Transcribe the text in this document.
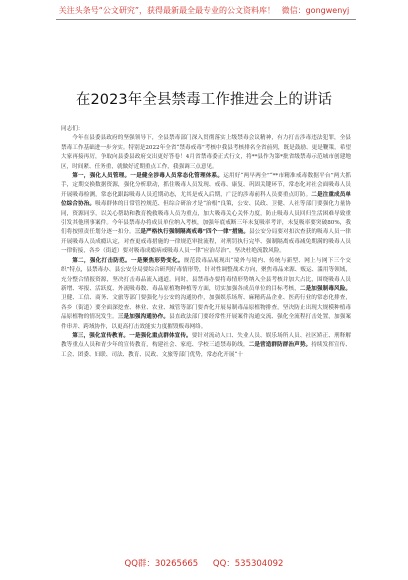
关注头条号“公文研究”，获得最新最全最专业的公文资料库！ 微信：gongwenyj
在2023年全县禁毒工作推进会上的讲话

同志们：

今年在县委县政府的坚强领导下，全县禁毒部门深入贯彻落实上级禁毒会议精神，有力打击涉毒违法犯罪，全县禁毒工作基础进一步夯实。特别是2022年全省“禁毒戒毒”考核中我县考核排名全省前列，既是鼓励、更是鞭策，希望大家再接再厉，争取向县委县政府交出更好答卷！4月省禁毒委正式行文，将**县作为第*批省级禁毒示范城市创建地区，时间紧、任务重，就做好近期重点工作，我强调三点意见。

第一，强化人员管理。一是健全涉毒人员常态化管理体系。运用好“两早两全”“**市精准戒毒数据平台”两大抓手，定期交换数据资源，强化分析联动，抓住吸毒人员发现、戒毒、康复、巩固关键环节，常态化对社会面吸毒人员开展吸毒检测，常态化跟踪吸毒人员近期动态，尤其是戒入后期，广泛的涉毒前科人员要重点盯防。二是注重成员单位综合协治。吸毒群体的日常管控规范、但综合研治才是“治根”良策，公安、民政、卫健、人社等部门要强化力量协同，资源同享，以关心帮助和教育挽救吸毒人员为重点，加大吸毒关心关怀力度，防止吸毒人员回归生活困难导致重引发其他刑事案件。今年县禁毒办将成员单位纳入考核，加强年底戒断三年未复吸率考评，未复吸率要突破80%，我们将按照责任划分逐一扣分。三是严格执行强制隔离戒毒“四个一律”措施。县公安分局要对扣次查获的吸毒人员一律开展吸毒人员成瘾认定，对查更戒毒措施的一律规范审批流程，对刑罚执行完毕、强制隔离戒毒减免期满的吸毒人员一律衔接，各乡（街道）要对吸毒成瘾病戒吸毒人员一律“应治尽治”，坚决杜绝流散风险。

第二，强化打击防范。一是聚焦形势变化。规范段毒品展现出“境外与境内、传统与新型、网上与网下三个交织”特点，县禁毒办、县公安分局要综合研判好毒情形势，针对性调整战术方向，聚焦毒品来源、贩运、滥用等领域，充分整合情报资源，坚决打击毒品流入通道。同时，县禁毒办要将毒情形势纳入全县考核并加大占比，围绕吸毒人员新增、零报、活跃度、外流吸毒数、毒品原植物种植等方面，切实加强各成员单位的目标考核，二是加强制毒风险。卫健、工信、商务、文旅等部门要强化与公安的沟通协作，加强娱乐场所、麻精药品企业、医药行业的常态化排查，各乡（街道）要全面深挖查、林业、农业、城管等部门要杏化开展易制毒品原植物排查，坚决防止出现大规模种植毒品原植物的情况发生。三是加强沟通协作。县直政法部门要经常性开展案件沟通交流、强化全流程打击处置，加强案件串并、跨域协作，以更高打击效能实力度摧毁贩毒网络。

第三，强化宣传教育。一是强化重点群体宣传。要针对流动人口、失业人员、娱乐场所人员、社区矫正、刑释解教等重点人员和青少年的宣传教育，构建社会、家庭、学校三道禁毒防线，二是营造群防群治声势。持续发挥宣传、工会、团委、妇联、司法、教育、民政、文旅等部门优势，常态化开展“十

QQ群：30265665 QQ：535304092
